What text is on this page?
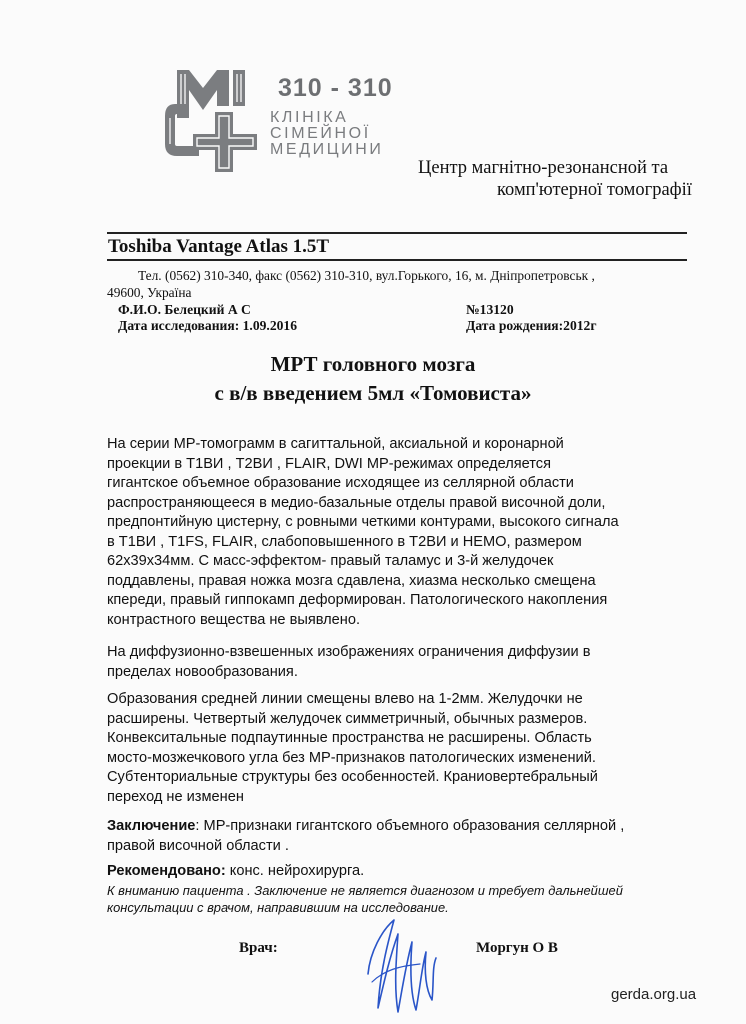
310 - 310
КЛІНІКА
СІМЕЙНОЇ
МЕДИЦИНИ
Центр магнітно-резонансной та
комп'ютерної томографії
Toshiba Vantage Atlas 1.5T
Тел. (0562) 310-340, факс (0562) 310-310, вул.Горького, 16, м. Дніпропетровськ ,
49600, Україна
Ф.И.О. Белецкий А С	№13120
Дата исследования: 1.09.2016	Дата рождения:2012г
МРТ головного мозга
с в/в введением 5мл «Томовиста»
На серии МР-томограмм в сагиттальной, аксиальной и коронарной
проекции в Т1ВИ , Т2ВИ , FLAIR, DWI МР-режимах определяется
гигантское объемное образование исходящее из селлярной области
распространяющееся в медио-базальные отделы правой височной доли,
предпонтийную цистерну, с ровными четкими контурами, высокого сигнала
в Т1ВИ , Т1FS, FLAIR, слабоповышенного в Т2ВИ и НЕМО, размером
62х39х34мм. С масс-эффектом- правый таламус и 3-й желудочек
поддавлены, правая ножка мозга сдавлена, хиазма несколько смещена
кпереди, правый гиппокамп деформирован. Патологического накопления
контрастного вещества не выявлено.
На диффузионно-взвешенных изображениях ограничения диффузии в
пределах новообразования.
Образования средней линии смещены влево на 1-2мм. Желудочки не
расширены. Четвертый желудочек симметричный, обычных размеров.
Конвекситальные подпаутинные пространства не расширены. Область
мосто-мозжечкового угла без МР-признаков патологических изменений.
Субтенториальные структуры без особенностей. Краниовертебральный
переход не изменен
Заключение: МР-признаки гигантского объемного образования селлярной ,
правой височной области .
Рекомендовано: конс. нейрохирурга.
К вниманию пациента . Заключение не является диагнозом и требует дальнейшей
консультации с врачом, направившим на исследование.
Врач:	Моргун О В
gerda.org.ua
